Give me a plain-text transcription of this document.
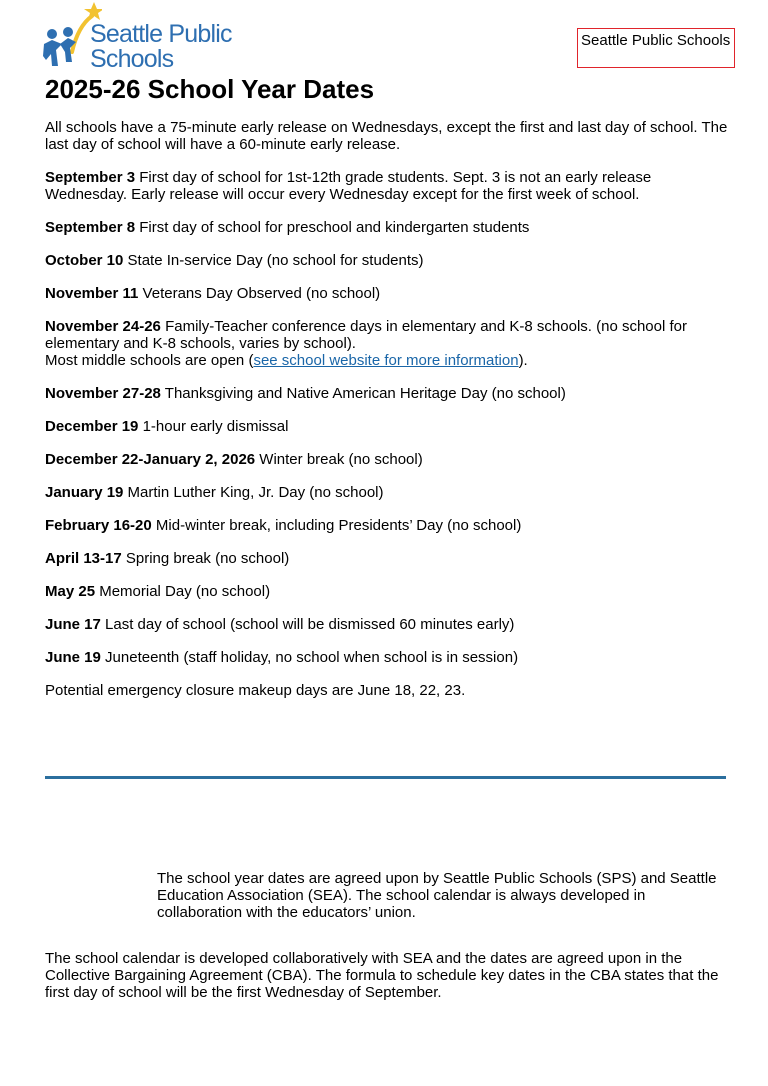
Seattle Public
Schools
Seattle Public Schools
2025-26 School Year Dates

All schools have a 75-minute early release on Wednesdays, except the first and last day of school. The last day of school will have a 60-minute early release.

September 3 First day of school for 1st-12th grade students. Sept. 3 is not an early release Wednesday. Early release will occur every Wednesday except for the first week of school.

September 8 First day of school for preschool and kindergarten students

October 10 State In-service Day (no school for students)

November 11 Veterans Day Observed (no school)

November 24-26 Family-Teacher conference days in elementary and K-8 schools. (no school for elementary and K-8 schools, varies by school).
Most middle schools are open (see school website for more information).

November 27-28 Thanksgiving and Native American Heritage Day (no school)

December 19 1-hour early dismissal

December 22-January 2, 2026 Winter break (no school)

January 19 Martin Luther King, Jr. Day (no school)

February 16-20 Mid-winter break, including Presidents’ Day (no school)

April 13-17 Spring break (no school)

May 25 Memorial Day (no school)

June 17 Last day of school (school will be dismissed 60 minutes early)

June 19 Juneteenth (staff holiday, no school when school is in session)

Potential emergency closure makeup days are June 18, 22, 23.

The school year dates are agreed upon by Seattle Public Schools (SPS) and Seattle Education Association (SEA). The school calendar is always developed in collaboration with the educators’ union.
The school calendar is developed collaboratively with SEA and the dates are agreed upon in the Collective Bargaining Agreement (CBA). The formula to schedule key dates in the CBA states that the first day of school will be the first Wednesday of September.
